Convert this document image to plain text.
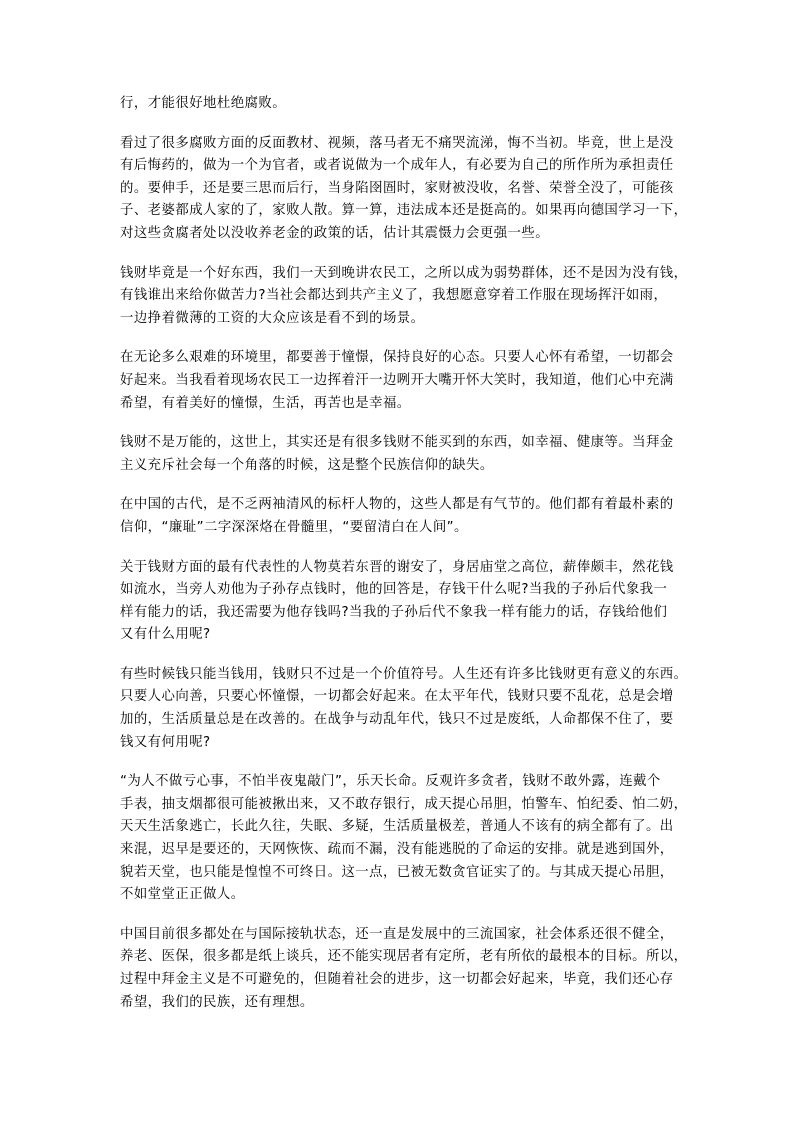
行，才能很好地杜绝腐败。
看过了很多腐败方面的反面教材、视频，落马者无不痛哭流涕，悔不当初。毕竟，世上是没
有后悔药的，做为一个为官者，或者说做为一个成年人，有必要为自己的所作所为承担责任
的。要伸手，还是要三思而后行，当身陷囹圄时，家财被没收，名誉、荣誉全没了，可能孩
子、老婆都成人家的了，家败人散。算一算，违法成本还是挺高的。如果再向德国学习一下，
对这些贪腐者处以没收养老金的政策的话，估计其震慑力会更强一些。
钱财毕竟是一个好东西，我们一天到晚讲农民工，之所以成为弱势群体，还不是因为没有钱，
有钱谁出来给你做苦力?当社会都达到共产主义了，我想愿意穿着工作服在现场挥汗如雨，
一边挣着微薄的工资的大众应该是看不到的场景。
在无论多么艰难的环境里，都要善于憧憬，保持良好的心态。只要人心怀有希望，一切都会
好起来。当我看着现场农民工一边挥着汗一边咧开大嘴开怀大笑时，我知道，他们心中充满
希望，有着美好的憧憬，生活，再苦也是幸福。
钱财不是万能的，这世上，其实还是有很多钱财不能买到的东西，如幸福、健康等。当拜金
主义充斥社会每一个角落的时候，这是整个民族信仰的缺失。
在中国的古代，是不乏两袖清风的标杆人物的，这些人都是有气节的。他们都有着最朴素的
信仰，“廉耻”二字深深烙在骨髓里，“要留清白在人间”。
关于钱财方面的最有代表性的人物莫若东晋的谢安了，身居庙堂之高位，薪俸颇丰，然花钱
如流水，当旁人劝他为子孙存点钱时，他的回答是，存钱干什么呢?当我的子孙后代象我一
样有能力的话，我还需要为他存钱吗?当我的子孙后代不象我一样有能力的话，存钱给他们
又有什么用呢?
有些时候钱只能当钱用，钱财只不过是一个价值符号。人生还有许多比钱财更有意义的东西。
只要人心向善，只要心怀憧憬，一切都会好起来。在太平年代，钱财只要不乱花，总是会增
加的，生活质量总是在改善的。在战争与动乱年代，钱只不过是废纸，人命都保不住了，要
钱又有何用呢?
“为人不做亏心事，不怕半夜鬼敲门”，乐天长命。反观许多贪者，钱财不敢外露，连戴个
手表，抽支烟都很可能被揪出来，又不敢存银行，成天提心吊胆，怕警车、怕纪委、怕二奶，
天天生活象逃亡，长此久往，失眠、多疑，生活质量极差，普通人不该有的病全都有了。出
来混，迟早是要还的，天网恢恢、疏而不漏，没有能逃脱的了命运的安排。就是逃到国外，
貌若天堂，也只能是惶惶不可终日。这一点，已被无数贪官证实了的。与其成天提心吊胆，
不如堂堂正正做人。
中国目前很多都处在与国际接轨状态，还一直是发展中的三流国家，社会体系还很不健全，
养老、医保，很多都是纸上谈兵，还不能实现居者有定所，老有所依的最根本的目标。所以，
过程中拜金主义是不可避免的，但随着社会的进步，这一切都会好起来，毕竟，我们还心存
希望，我们的民族，还有理想。
